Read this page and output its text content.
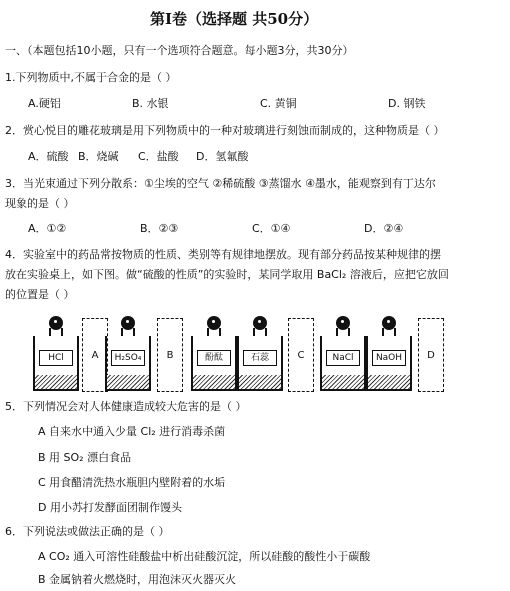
第Ⅰ卷（选择题 共50分）
一、（本题包括10小题，只有一个选项符合题意。每小题3分，共30分）
1.下列物质中,不属于合金的是（ ）
A.硬铝	B. 水银	C. 黄铜	D. 钢铁
2．赏心悦目的雕花玻璃是用下列物质中的一种对玻璃进行刻蚀而制成的，这种物质是（ ）
A．硫酸 B．烧碱 C．盐酸 D．氢氟酸
3．当光束通过下列分散系：①尘埃的空气 ②稀硫酸 ③蒸馏水 ④墨水，能观察到有丁达尔
现象的是（ ）
A．①②	B．②③	C．①④	D．②④
4．实验室中的药品常按物质的性质、类别等有规律地摆放。现有部分药品按某种规律的摆
放在实验桌上，如下图。做“硫酸的性质”的实验时，某同学取用 BaCl₂ 溶液后，应把它放回
的位置是（ ）
HCl	A	H₂SO₄	B	酚酞	石蕊	C	NaCl	NaOH	D
5．下列情况会对人体健康造成较大危害的是（ ）
A 自来水中通入少量 Cl₂ 进行消毒杀菌
B 用 SO₂ 漂白食品
C 用食醋清洗热水瓶胆内壁附着的水垢
D 用小苏打发酵面团制作馒头
6．下列说法或做法正确的是（ ）
A CO₂ 通入可溶性硅酸盐中析出硅酸沉淀，所以硅酸的酸性小于碳酸
B 金属钠着火燃烧时，用泡沫灭火器灭火
